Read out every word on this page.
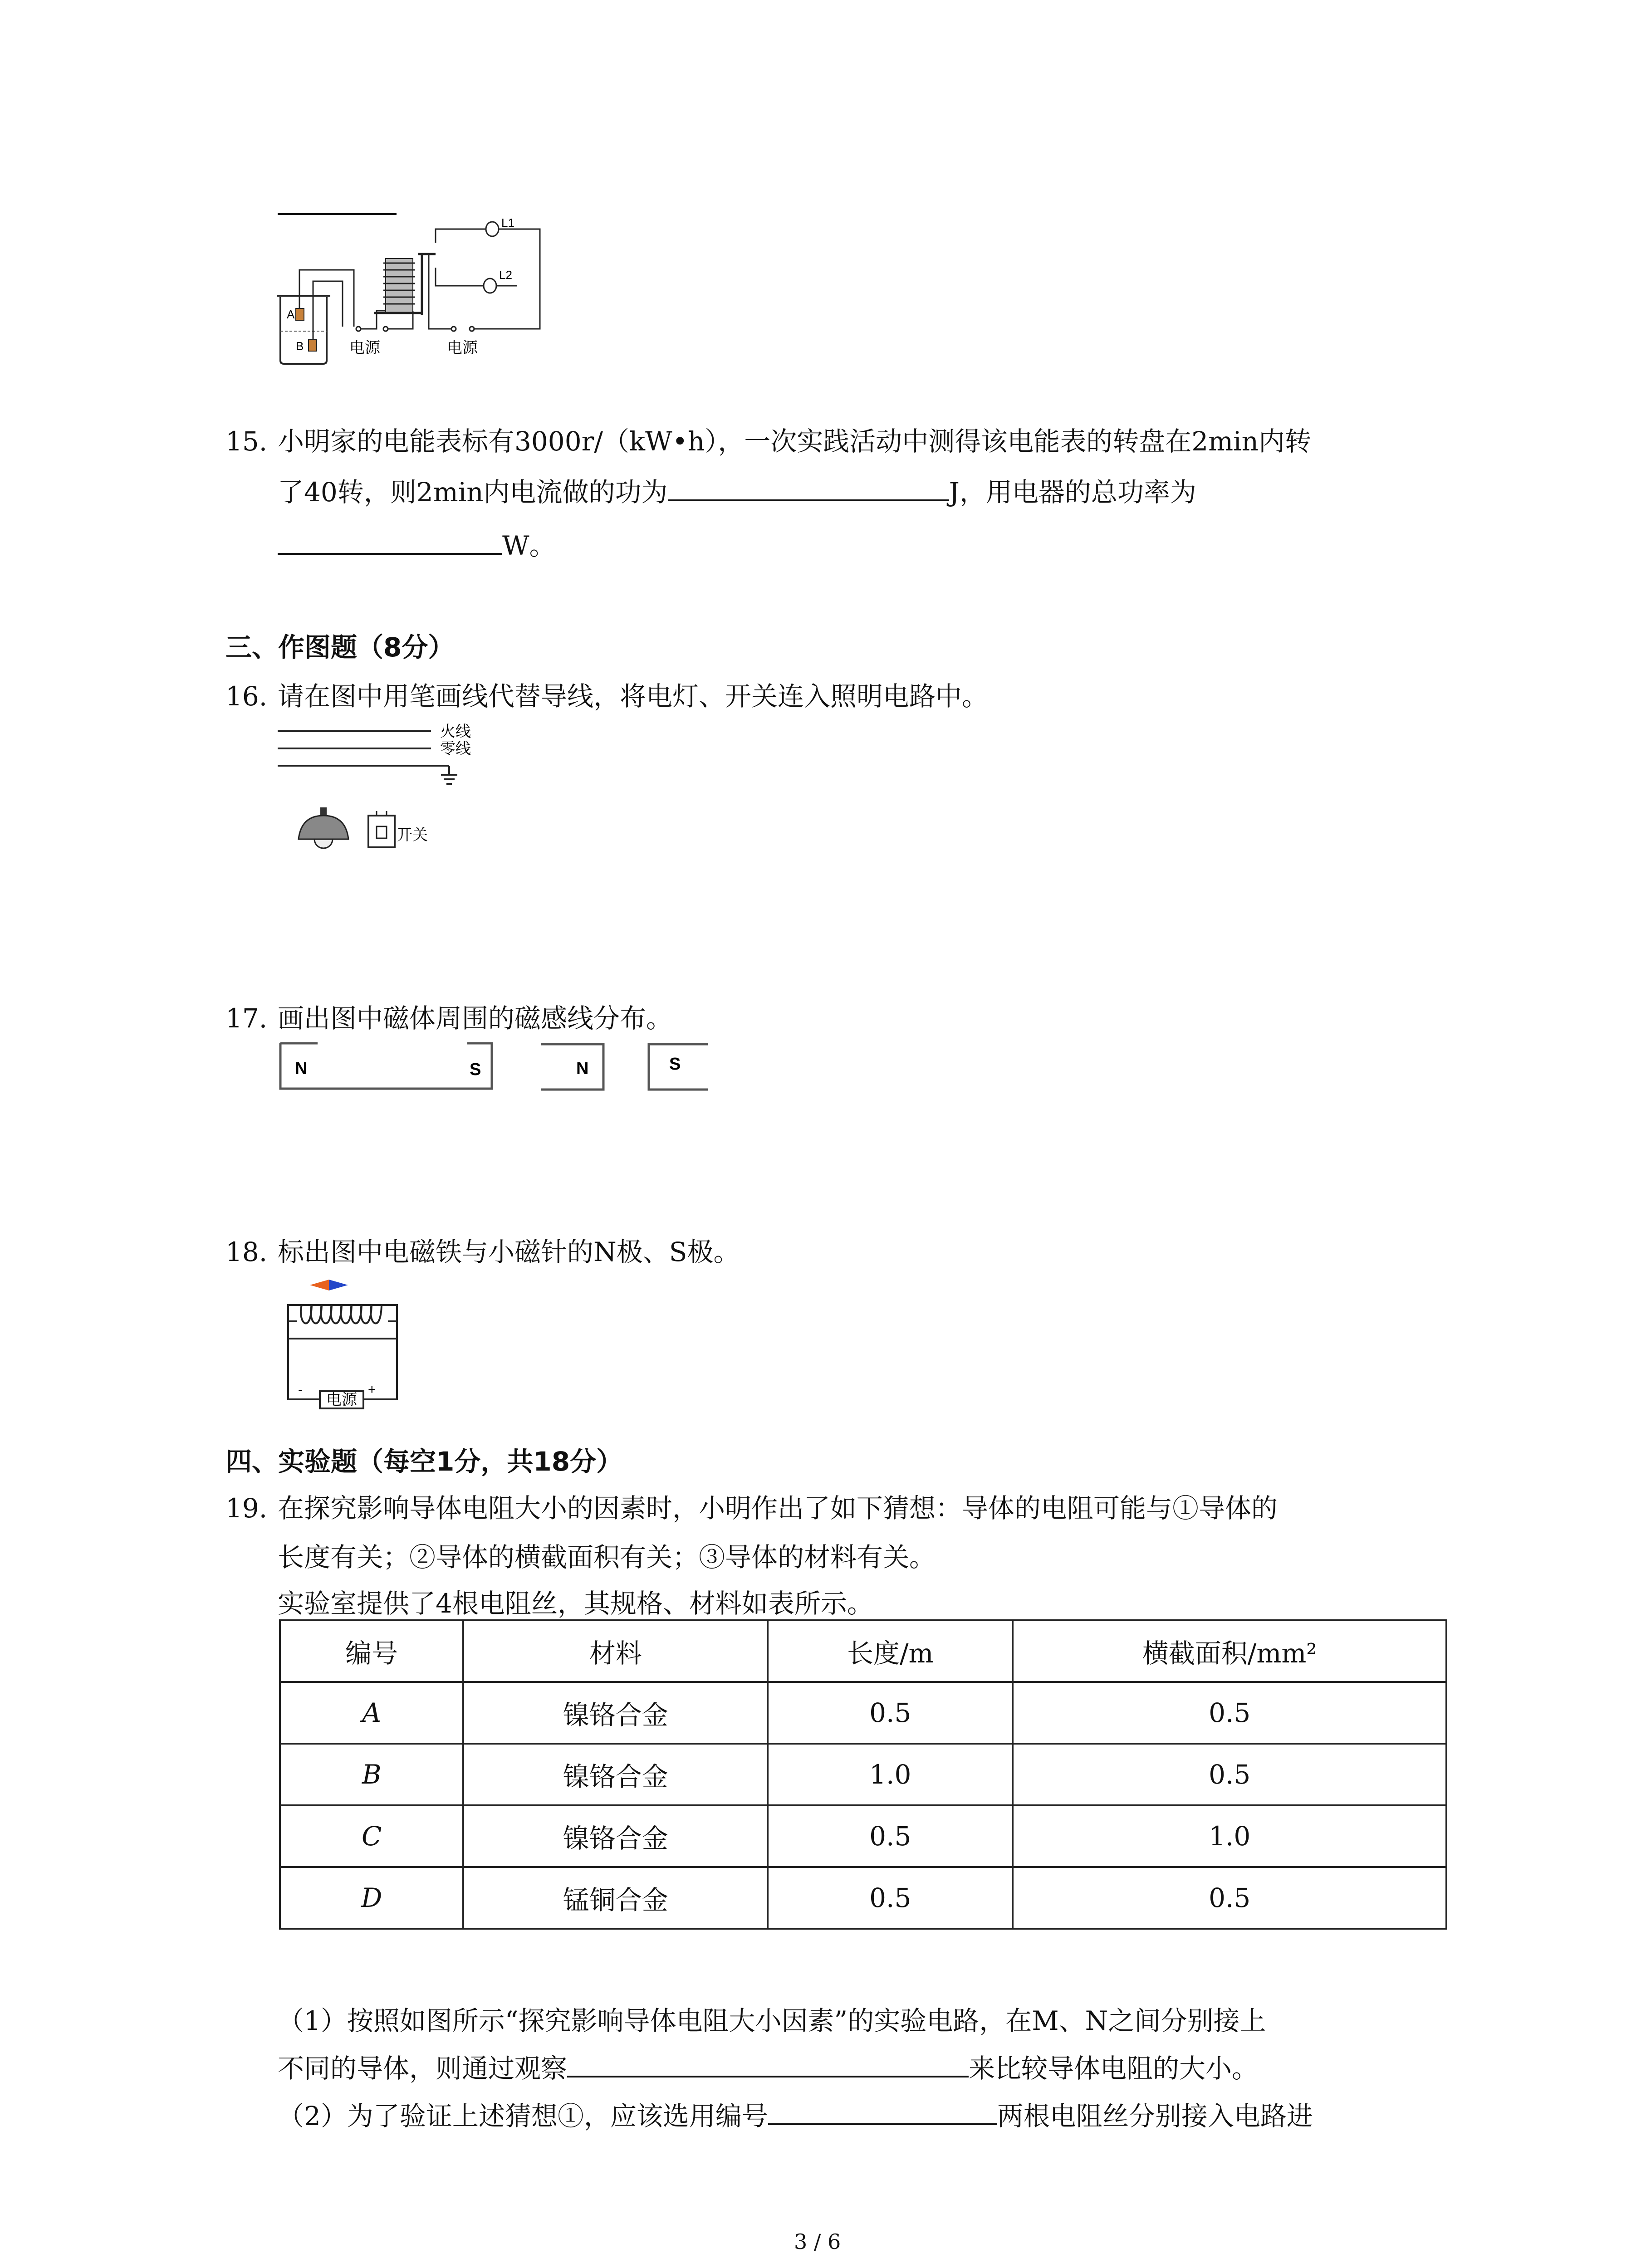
A
B	电源
L1
L2
电源
15. 小明家的电能表标有3000r/（kW•h），一次实践活动中测得该电能表的转盘在2min内转
了40转，则2min内电流做的功为	J，用电器的总功率为
W。
三、作图题（8分）
16. 请在图中用笔画线代替导线，将电灯、开关连入照明电路中。
火线
零线
开关
17. 画出图中磁体周围的磁感线分布。
N	S	N	S
18. 标出图中电磁铁与小磁针的N极、S极。
电源
-	+
四、实验题（每空1分，共18分）
19. 在探究影响导体电阻大小的因素时，小明作出了如下猜想：导体的电阻可能与①导体的
长度有关；②导体的横截面积有关；③导体的材料有关。
实验室提供了4根电阻丝，其规格、材料如表所示。
编号	材料	长度/m	横截面积/mm²
A	镍铬合金	0.5	0.5
B	镍铬合金	1.0	0.5
C	镍铬合金	0.5	1.0
D	锰铜合金	0.5	0.5
（1）按照如图所示“探究影响导体电阻大小因素”的实验电路，在M、N之间分别接上
不同的导体，则通过观察	来比较导体电阻的大小。
（2）为了验证上述猜想①，应该选用编号	两根电阻丝分别接入电路进
3 / 6
